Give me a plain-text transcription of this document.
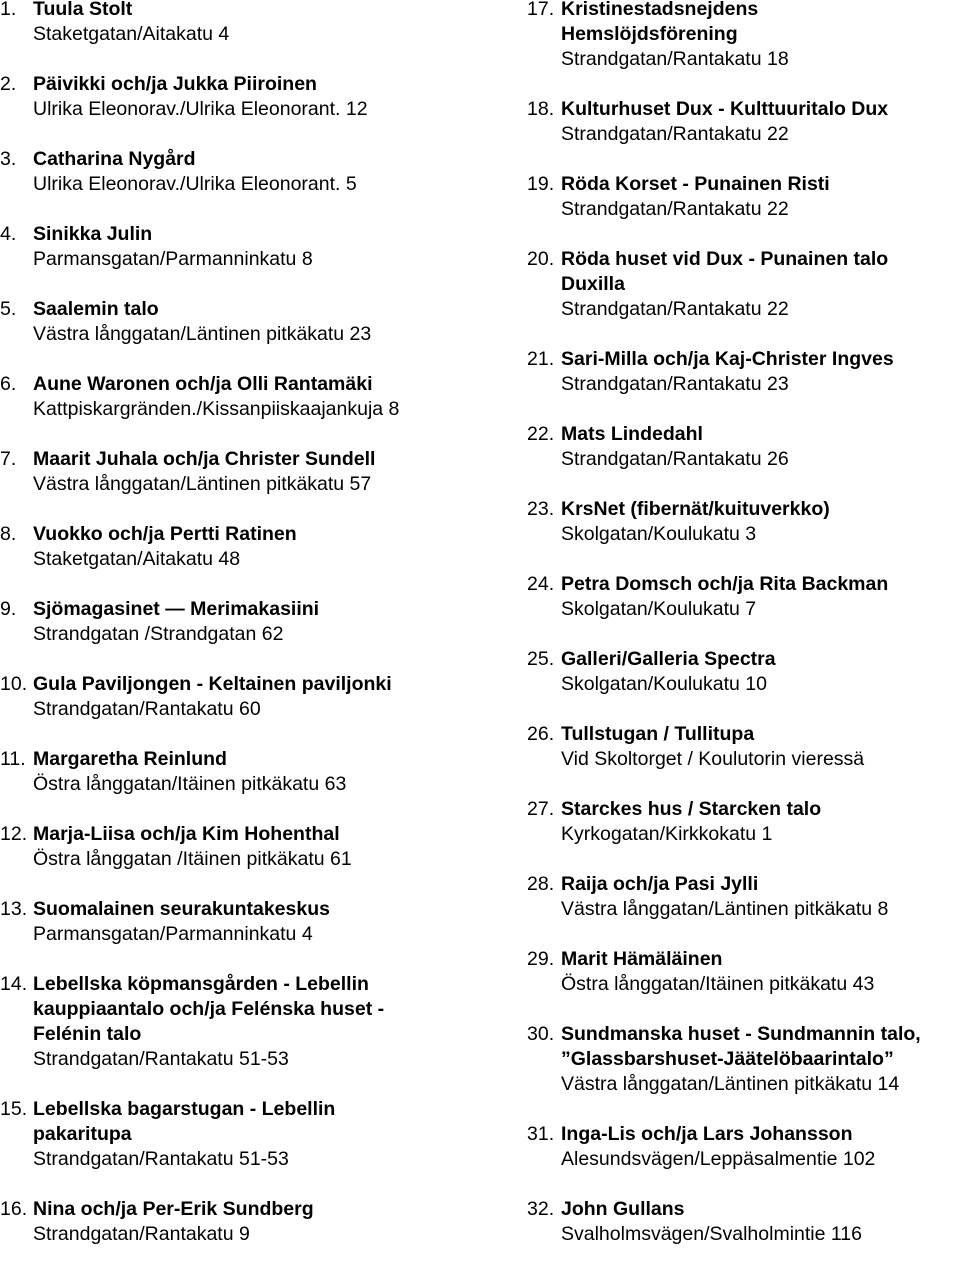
1. Tuula Stolt
Staketgatan/Aitakatu 4
2. Päivikki och/ja Jukka Piiroinen
Ulrika Eleonorav./Ulrika Eleonorant. 12
3. Catharina Nygård
Ulrika Eleonorav./Ulrika Eleonorant. 5
4. Sinikka Julin
Parmansgatan/Parmanninkatu 8
5. Saalemin talo
Västra långgatan/Läntinen pitkäkatu 23
6. Aune Waronen och/ja Olli Rantamäki
Kattpiskargränden./Kissanpiiskaajankuja 8
7. Maarit Juhala och/ja Christer Sundell
Västra långgatan/Läntinen pitkäkatu 57
8. Vuokko och/ja Pertti Ratinen
Staketgatan/Aitakatu 48
9. Sjömagasinet — Merimakasiini
Strandgatan /Strandgatan 62
10. Gula Paviljongen - Keltainen paviljonki
Strandgatan/Rantakatu 60
11. Margaretha Reinlund
Östra långgatan/Itäinen pitkäkatu 63
12. Marja-Liisa och/ja Kim Hohenthal
Östra långgatan /Itäinen pitkäkatu 61
13. Suomalainen seurakuntakeskus
Parmansgatan/Parmanninkatu 4
14. Lebellska köpmansgården - Lebellin
kauppiaantalo och/ja Felénska huset -
Felénin talo
Strandgatan/Rantakatu 51-53
15. Lebellska bagarstugan - Lebellin
pakaritupa
Strandgatan/Rantakatu 51-53
16. Nina och/ja Per-Erik Sundberg
Strandgatan/Rantakatu 9
17. Kristinestadsnejdens
Hemslöjdsförening
Strandgatan/Rantakatu 18
18. Kulturhuset Dux - Kulttuuritalo Dux
Strandgatan/Rantakatu 22
19. Röda Korset - Punainen Risti
Strandgatan/Rantakatu 22
20. Röda huset vid Dux - Punainen talo
Duxilla
Strandgatan/Rantakatu 22
21. Sari-Milla och/ja Kaj-Christer Ingves
Strandgatan/Rantakatu 23
22. Mats Lindedahl
Strandgatan/Rantakatu 26
23. KrsNet (fibernät/kuituverkko)
Skolgatan/Koulukatu 3
24. Petra Domsch och/ja Rita Backman
Skolgatan/Koulukatu 7
25. Galleri/Galleria Spectra
Skolgatan/Koulukatu 10
26. Tullstugan / Tullitupa
Vid Skoltorget / Koulutorin vieressä
27. Starckes hus / Starcken talo
Kyrkogatan/Kirkkokatu 1
28. Raija och/ja Pasi Jylli
Västra långgatan/Läntinen pitkäkatu 8
29. Marit Hämäläinen
Östra långgatan/Itäinen pitkäkatu 43
30. Sundmanska huset - Sundmannin talo,
”Glassbarshuset-Jäätelöbaarintalo”
Västra långgatan/Läntinen pitkäkatu 14
31. Inga-Lis och/ja Lars Johansson
Alesundsvägen/Leppäsalmentie 102
32. John Gullans
Svalholmsvägen/Svalholmintie 116
